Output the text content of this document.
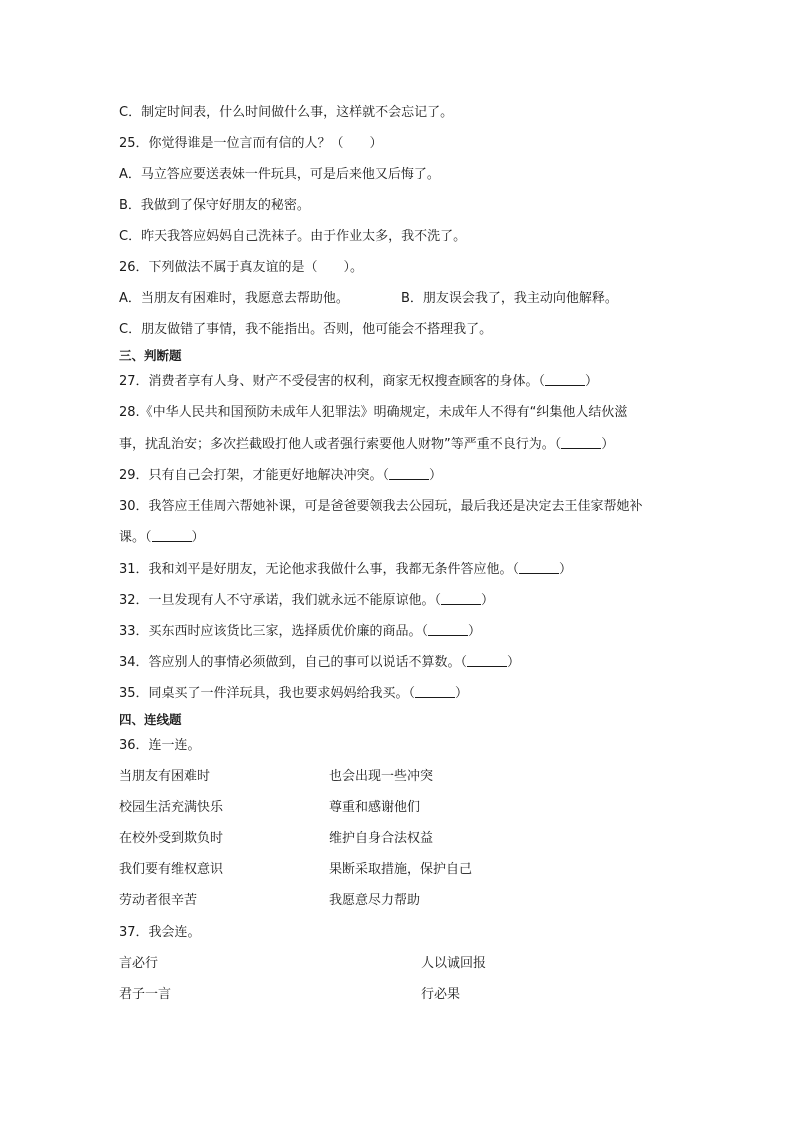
C．制定时间表，什么时间做什么事，这样就不会忘记了。
25．你觉得谁是一位言而有信的人？（ ）
A．马立答应要送表妹一件玩具，可是后来他又后悔了。
B．我做到了保守好朋友的秘密。
C．昨天我答应妈妈自己洗袜子。由于作业太多，我不洗了。
26．下列做法不属于真友谊的是（ ）。
A．当朋友有困难时，我愿意去帮助他。	B．朋友误会我了，我主动向他解释。
C．朋友做错了事情，我不能指出。否则，他可能会不搭理我了。
三、判断题
27．消费者享有人身、财产不受侵害的权利，商家无权搜查顾客的身体。（	）
28.《中华人民共和国预防未成年人犯罪法》明确规定，未成年人不得有“纠集他人结伙滋
事，扰乱治安；多次拦截殴打他人或者强行索要他人财物”等严重不良行为。（	）
29．只有自己会打架，才能更好地解决冲突。（	）
30．我答应王佳周六帮她补课，可是爸爸要领我去公园玩，最后我还是决定去王佳家帮她补
课。（	）
31．我和刘平是好朋友，无论他求我做什么事，我都无条件答应他。（	）
32．一旦发现有人不守承诺，我们就永远不能原谅他。（	）
33．买东西时应该货比三家，选择质优价廉的商品。（	）
34．答应别人的事情必须做到，自己的事可以说话不算数。（	）
35．同桌买了一件洋玩具，我也要求妈妈给我买。（	）
四、连线题
36．连一连。
当朋友有困难时	也会出现一些冲突
校园生活充满快乐	尊重和感谢他们
在校外受到欺负时	维护自身合法权益
我们要有维权意识	果断采取措施，保护自己
劳动者很辛苦	我愿意尽力帮助
37．我会连。
言必行	人以诚回报
君子一言	行必果
